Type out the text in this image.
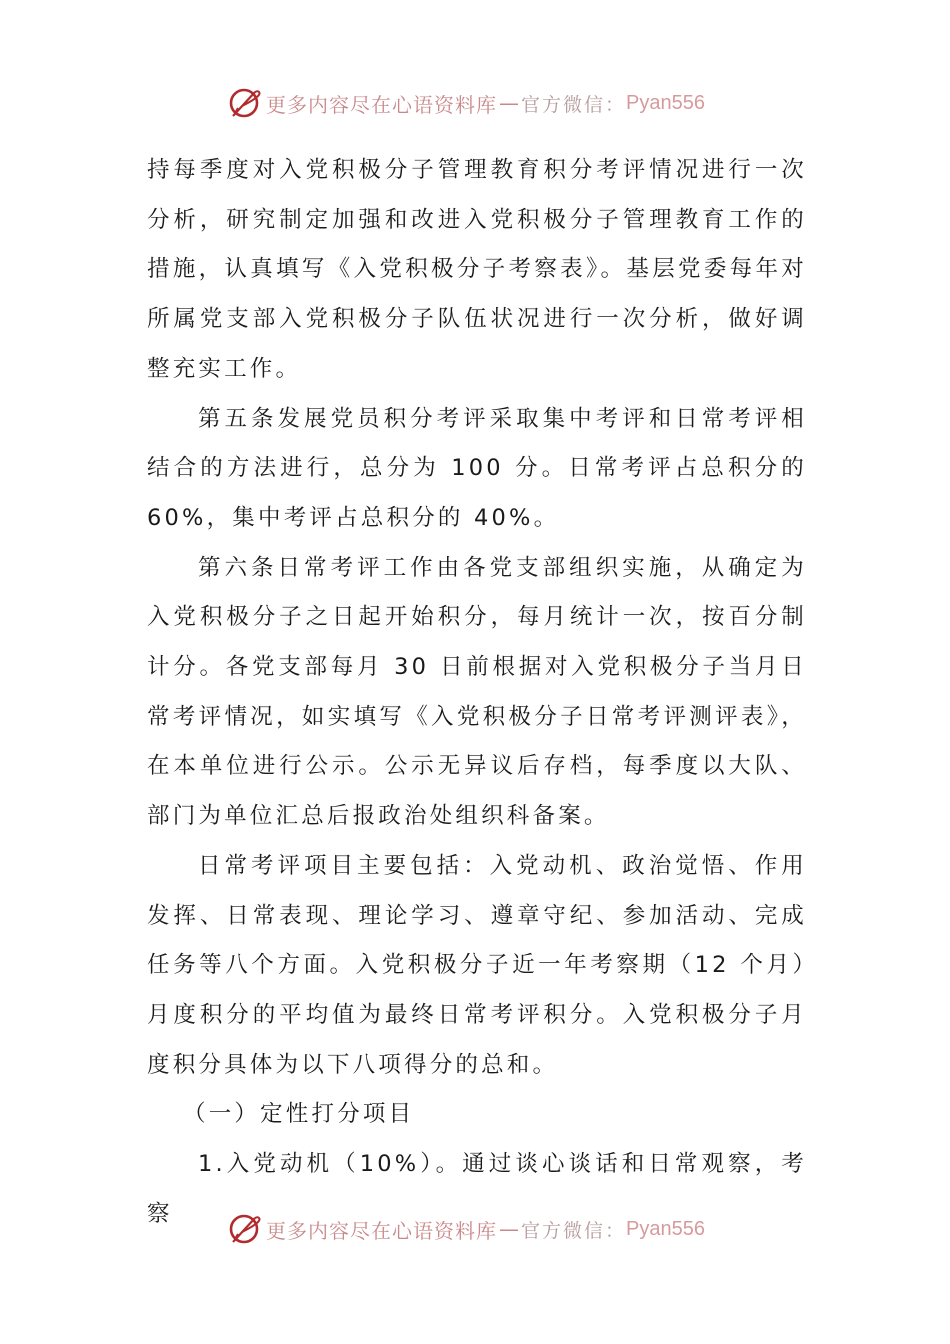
更多内容尽在心语资料库 — 官方微信： Pyan556

持每季度对入党积极分子管理教育积分考评情况进行一次分析，研究制定加强和改进入党积极分子管理教育工作的措施，认真填写《入党积极分子考察表》。基层党委每年对所属党支部入党积极分子队伍状况进行一次分析，做好调整充实工作。

第五条发展党员积分考评采取集中考评和日常考评相结合的方法进行，总分为 100 分。日常考评占总积分的 60%，集中考评占总积分的 40%。

第六条日常考评工作由各党支部组织实施，从确定为入党积极分子之日起开始积分，每月统计一次，按百分制计分。各党支部每月 30 日前根据对入党积极分子当月日常考评情况，如实填写《入党积极分子日常考评测评表》，在本单位进行公示。公示无异议后存档，每季度以大队、部门为单位汇总后报政治处组织科备案。

日常考评项目主要包括：入党动机、政治觉悟、作用发挥、日常表现、理论学习、遵章守纪、参加活动、完成任务等八个方面。入党积极分子近一年考察期（12 个月）月度积分的平均值为最终日常考评积分。入党积极分子月度积分具体为以下八项得分的总和。

（一）定性打分项目

1.入党动机（10%）。通过谈心谈话和日常观察，考察

更多内容尽在心语资料库 — 官方微信： Pyan556
